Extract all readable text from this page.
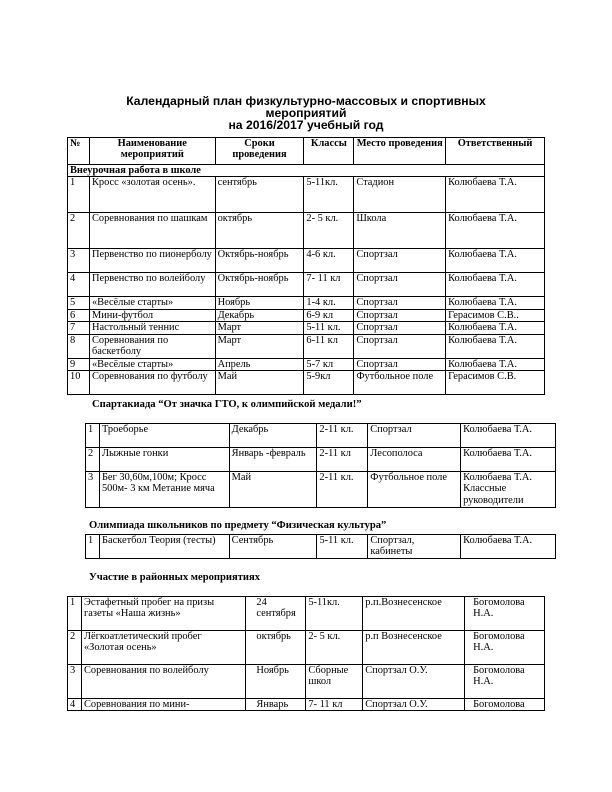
Календарный план физкультурно-массовых и спортивных
мероприятий
на 2016/2017 учебный год
№	Наименование мероприятий	Сроки проведения	Классы	Место проведения	Ответственный
Внеурочная работа в школе					
1	Кросс «золотая осень».	сентябрь	5-11кл.	Стадион	Колюбаева Т.А.
2	Соревнования по шашкам	октябрь	2- 5 кл.	Школа	Колюбаева Т.А.
3	Первенство по пионерболу	Октябрь-ноябрь	4-6 кл.	Спортзал	Колюбаева Т.А.
4	Первенство по волейболу	Октябрь-ноябрь	7- 11 кл	Спортзал	Колюбаева Т.А.
5	«Весёлые старты»	Ноябрь	1-4 кл.	Спортзал	Колюбаева Т.А.
6	Мини-футбол	Декабрь	6-9 кл	Спортзал	Герасимов С.В..
7	Настольный теннис	Март	5-11 кл.	Спортзал	Колюбаева Т.А.
8	Соревнования по баскетболу	Март	6-11 кл	Спортзал	Колюбаева Т.А.
9	«Весёлые старты»	Апрель	5-7 кл	Спортзал	Колюбаева Т.А.
10	Соревнования по футболу	Май	5-9кл	Футбольное поле	Герасимов С.В.
Спартакиада “От значка ГТО, к олимпийской медали!”
1	Троеборье	Декабрь	2-11 кл.	Спортзал	Колюбаева Т.А.
2	Лыжные гонки	Январь -февраль	2-11 кл	Лесополоса	Колюбаева Т.А.
3	Бег 30,60м,100м; Кросс 500м- 3 км Метание мяча	Май	2-11 кл.	Футбольное поле	Колюбаева Т.А. Классные руководители
Олимпиада школьников по предмету “Физическая культура”
1	Баскетбол Теория (тесты)	Сентябрь	5-11 кл.	Спортзал, кабинеты	Колюбаева Т.А.
Участие в районных мероприятиях
1	Эстафетный пробег на призы газеты «Наша жизнь»	24 сентября	5-11кл.	р.п.Вознесенское	Богомолова Н.А.
2	Лёгкоатлетический пробег «Золотая осень»	октябрь	2- 5 кл.	р.п Вознесенское	Богомолова Н.А.
3	Соревнования по волейболу	Ноябрь	Сборные школ	Спортзал О.У.	Богомолова Н.А.
4	Соревнования по мини-	Январь	7- 11 кл	Спортзал О.У.	Богомолова
